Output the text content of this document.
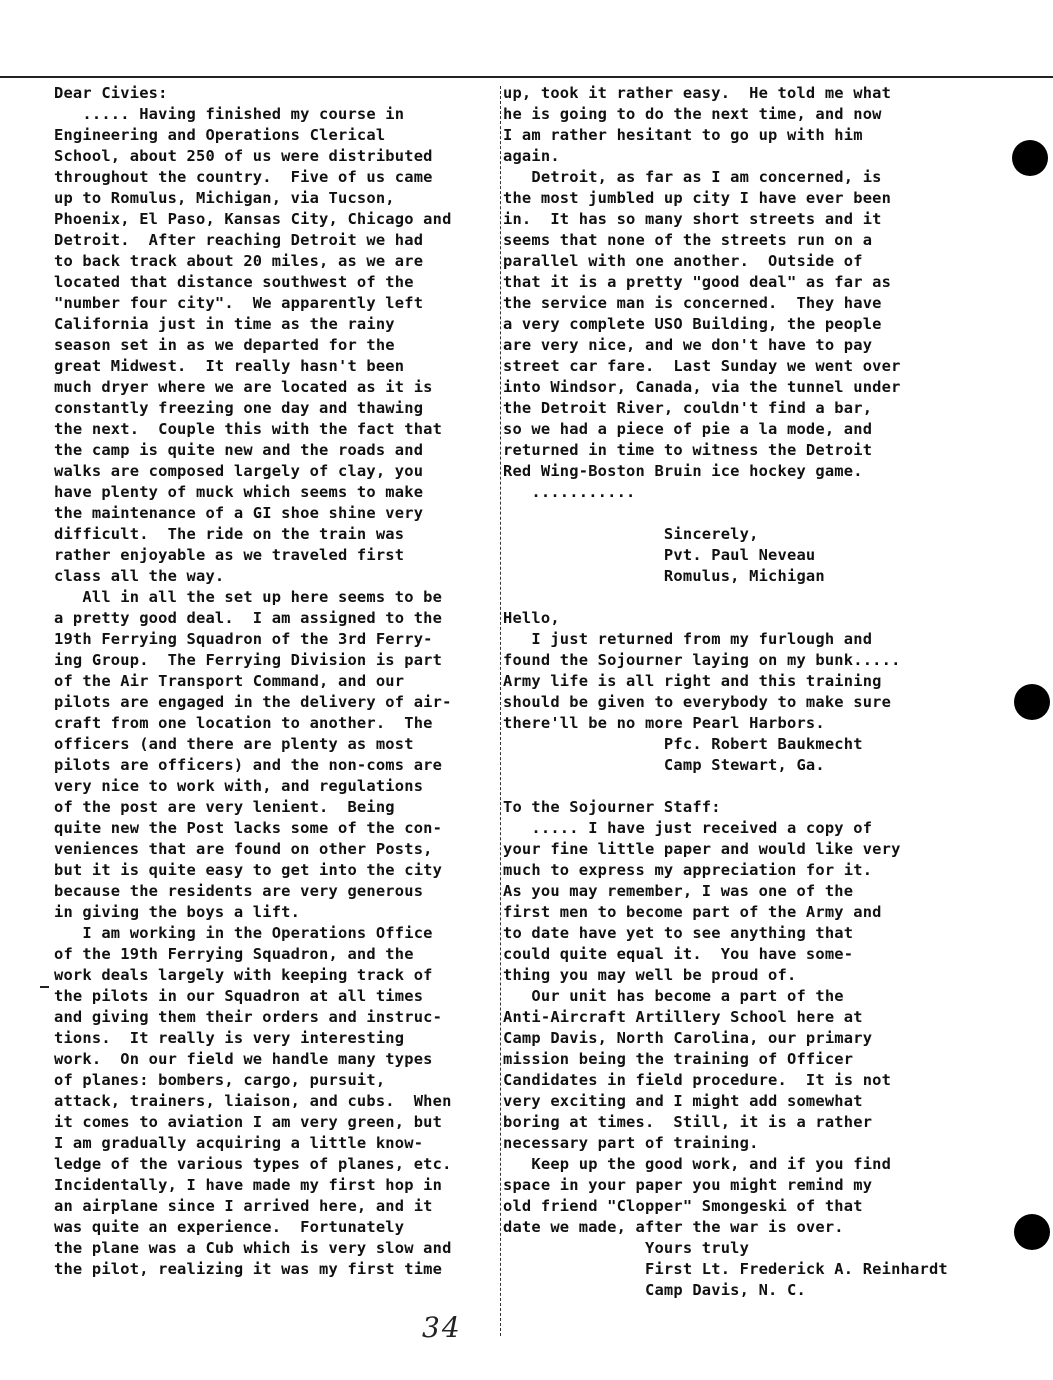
Dear Civies:
..... Having finished my course in
Engineering and Operations Clerical
School, about 250 of us were distributed
throughout the country.  Five of us came
up to Romulus, Michigan, via Tucson,
Phoenix, El Paso, Kansas City, Chicago and
Detroit.  After reaching Detroit we had
to back track about 20 miles, as we are
located that distance southwest of the
"number four city".  We apparently left
California just in time as the rainy
season set in as we departed for the
great Midwest.  It really hasn't been
much dryer where we are located as it is
constantly freezing one day and thawing
the next.  Couple this with the fact that
the camp is quite new and the roads and
walks are composed largely of clay, you
have plenty of muck which seems to make
the maintenance of a GI shoe shine very
difficult.  The ride on the train was
rather enjoyable as we traveled first
class all the way.
All in all the set up here seems to be
a pretty good deal.  I am assigned to the
19th Ferrying Squadron of the 3rd Ferry-
ing Group.  The Ferrying Division is part
of the Air Transport Command, and our
pilots are engaged in the delivery of air-
craft from one location to another.  The
officers (and there are plenty as most
pilots are officers) and the non-coms are
very nice to work with, and regulations
of the post are very lenient.  Being
quite new the Post lacks some of the con-
veniences that are found on other Posts,
but it is quite easy to get into the city
because the residents are very generous
in giving the boys a lift.
I am working in the Operations Office
of the 19th Ferrying Squadron, and the
work deals largely with keeping track of
the pilots in our Squadron at all times
and giving them their orders and instruc-
tions.  It really is very interesting
work.  On our field we handle many types
of planes: bombers, cargo, pursuit,
attack, trainers, liaison, and cubs.  When
it comes to aviation I am very green, but
I am gradually acquiring a little know-
ledge of the various types of planes, etc.
Incidentally, I have made my first hop in
an airplane since I arrived here, and it
was quite an experience.  Fortunately
the plane was a Cub which is very slow and
the pilot, realizing it was my first time
up, took it rather easy.  He told me what
he is going to do the next time, and now
I am rather hesitant to go up with him
again.
Detroit, as far as I am concerned, is
the most jumbled up city I have ever been
in.  It has so many short streets and it
seems that none of the streets run on a
parallel with one another.  Outside of
that it is a pretty "good deal" as far as
the service man is concerned.  They have
a very complete USO Building, the people
are very nice, and we don't have to pay
street car fare.  Last Sunday we went over
into Windsor, Canada, via the tunnel under
the Detroit River, couldn't find a bar,
so we had a piece of pie a la mode, and
returned in time to witness the Detroit
Red Wing-Boston Bruin ice hockey game.
...........
Sincerely,
Pvt. Paul Neveau
Romulus, Michigan
Hello,
I just returned from my furlough and
found the Sojourner laying on my bunk.....
Army life is all right and this training
should be given to everybody to make sure
there'll be no more Pearl Harbors.
Pfc. Robert Baukmecht
Camp Stewart, Ga.
To the Sojourner Staff:
..... I have just received a copy of
your fine little paper and would like very
much to express my appreciation for it.
As you may remember, I was one of the
first men to become part of the Army and
to date have yet to see anything that
could quite equal it.  You have some-
thing you may well be proud of.
Our unit has become a part of the
Anti-Aircraft Artillery School here at
Camp Davis, North Carolina, our primary
mission being the training of Officer
Candidates in field procedure.  It is not
very exciting and I might add somewhat
boring at times.  Still, it is a rather
necessary part of training.
Keep up the good work, and if you find
space in your paper you might remind my
old friend "Clopper" Smongeski of that
date we made, after the war is over.
Yours truly
First Lt. Frederick A. Reinhardt
Camp Davis, N. C.
34
